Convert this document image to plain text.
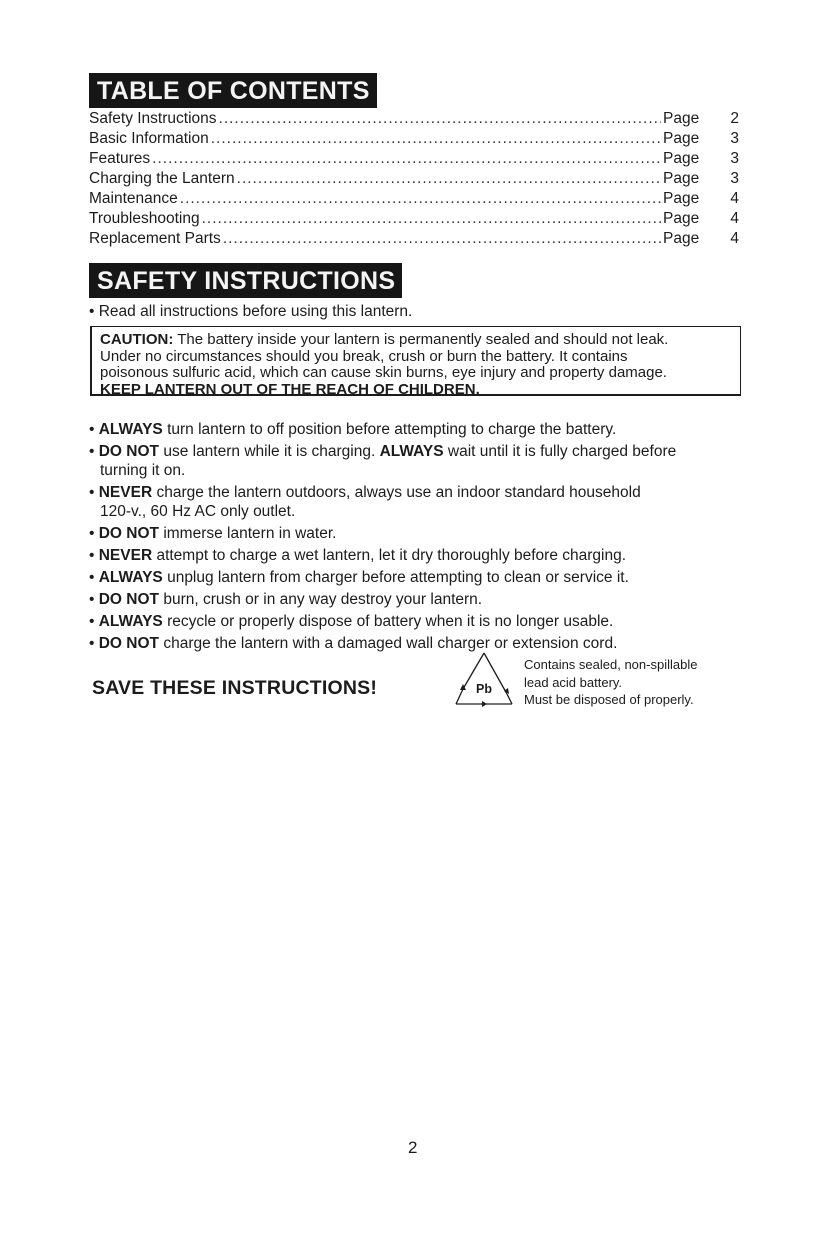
TABLE OF CONTENTS
Safety Instructions .....	Page	2
Basic Information .....	Page	3
Features .....	Page	3
Charging the Lantern .....	Page	3
Maintenance .....	Page	4
Troubleshooting .....	Page	4
Replacement Parts .....	Page	4
SAFETY INSTRUCTIONS
• Read all instructions before using this lantern.
CAUTION: The battery inside your lantern is permanently sealed and should not leak.
Under no circumstances should you break, crush or burn the battery. It contains
poisonous sulfuric acid, which can cause skin burns, eye injury and property damage.
KEEP LANTERN OUT OF THE REACH OF CHILDREN.
• ALWAYS turn lantern to off position before attempting to charge the battery.
• DO NOT use lantern while it is charging. ALWAYS wait until it is fully charged before
turning it on.
• NEVER charge the lantern outdoors, always use an indoor standard household
120-v., 60 Hz AC only outlet.
• DO NOT immerse lantern in water.
• NEVER attempt to charge a wet lantern, let it dry thoroughly before charging.
• ALWAYS unplug lantern from charger before attempting to clean or service it.
• DO NOT burn, crush or in any way destroy your lantern.
• ALWAYS recycle or properly dispose of battery when it is no longer usable.
• DO NOT charge the lantern with a damaged wall charger or extension cord.
SAVE THESE INSTRUCTIONS!	Pb
Contains sealed, non-spillable
lead acid battery.
Must be disposed of properly.
2
